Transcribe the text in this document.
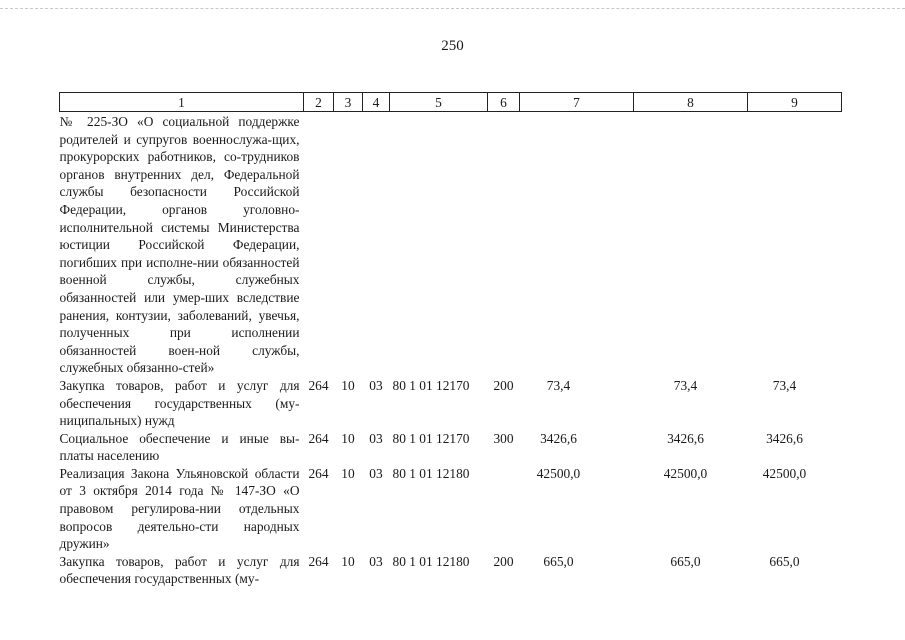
250
1	2	3	4	5	6	7	8	9
№ 225-ЗО «О социальной поддержке родителей и супругов военнослужа-щих, прокурорских работников, со-трудников органов внутренних дел, Федеральной службы безопасности Российской Федерации, органов уголовно-исполнительной системы Министерства юстиции Российской Федерации, погибших при исполне-нии обязанностей военной службы, служебных обязанностей или умер-ших вследствие ранения, контузии, заболеваний, увечья, полученных при исполнении обязанностей воен-ной службы, служебных обязанно-стей»								
Закупка товаров, работ и услуг для обеспечения государственных (му-ниципальных) нужд	264	10	03	80 1 01 12170	200	73,4	73,4	73,4
Социальное обеспечение и иные вы-платы населению	264	10	03	80 1 01 12170	300	3426,6	3426,6	3426,6
Реализация Закона Ульяновской области от 3 октября 2014 года № 147-ЗО «О правовом регулирова-нии отдельных вопросов деятельно-сти народных дружин»	264	10	03	80 1 01 12180		42500,0	42500,0	42500,0
Закупка товаров, работ и услуг для обеспечения государственных (му-	264	10	03	80 1 01 12180	200	665,0	665,0	665,0
